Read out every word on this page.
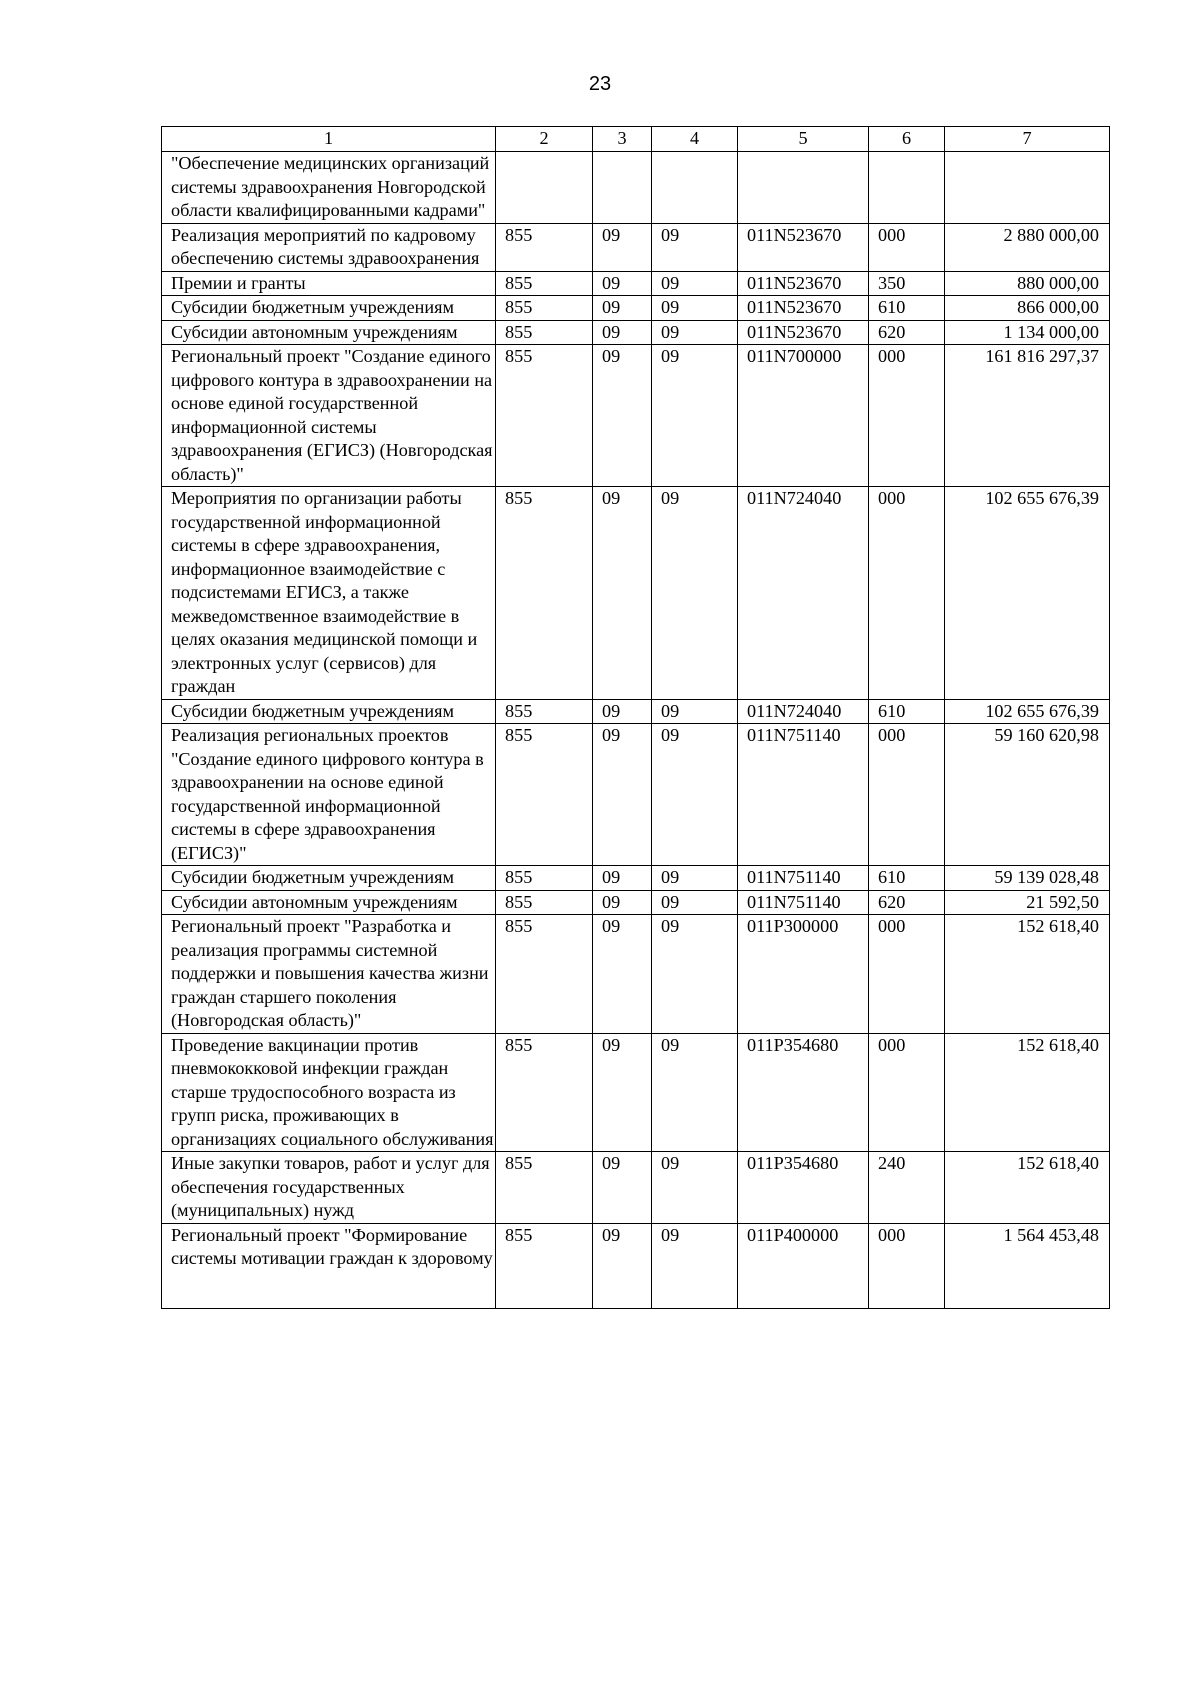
23
1	2	3	4	5	6	7
"Обеспечение медицинских организаций системы здравоохранения Новгородской области квалифицированными кадрами"						
Реализация мероприятий по кадровому обеспечению системы здравоохранения	855	09	09	011N523670	000	2 880 000,00
Премии и гранты	855	09	09	011N523670	350	880 000,00
Субсидии бюджетным учреждениям	855	09	09	011N523670	610	866 000,00
Субсидии автономным учреждениям	855	09	09	011N523670	620	1 134 000,00
Региональный проект "Создание единого цифрового контура в здравоохранении на основе единой государственной информационной системы здравоохранения (ЕГИСЗ) (Новгородская область)"	855	09	09	011N700000	000	161 816 297,37
Мероприятия по организации работы государственной информационной системы в сфере здравоохранения, информационное взаимодействие с подсистемами ЕГИСЗ, а также межведомственное взаимодействие в целях оказания медицинской помощи и электронных услуг (сервисов) для граждан	855	09	09	011N724040	000	102 655 676,39
Субсидии бюджетным учреждениям	855	09	09	011N724040	610	102 655 676,39
Реализация региональных проектов "Создание единого цифрового контура в здравоохранении на основе единой государственной информационной системы в сфере здравоохранения (ЕГИСЗ)"	855	09	09	011N751140	000	59 160 620,98
Субсидии бюджетным учреждениям	855	09	09	011N751140	610	59 139 028,48
Субсидии автономным учреждениям	855	09	09	011N751140	620	21 592,50
Региональный проект "Разработка и реализация программы системной поддержки и повышения качества жизни граждан старшего поколения (Новгородская область)"	855	09	09	011P300000	000	152 618,40
Проведение вакцинации против пневмококковой инфекции граждан старше трудоспособного возраста из групп риска, проживающих в организациях социального обслуживания	855	09	09	011P354680	000	152 618,40
Иные закупки товаров, работ и услуг для обеспечения государственных (муниципальных) нужд	855	09	09	011P354680	240	152 618,40
Региональный проект "Формирование системы мотивации граждан к здоровому	855	09	09	011P400000	000	1 564 453,48
